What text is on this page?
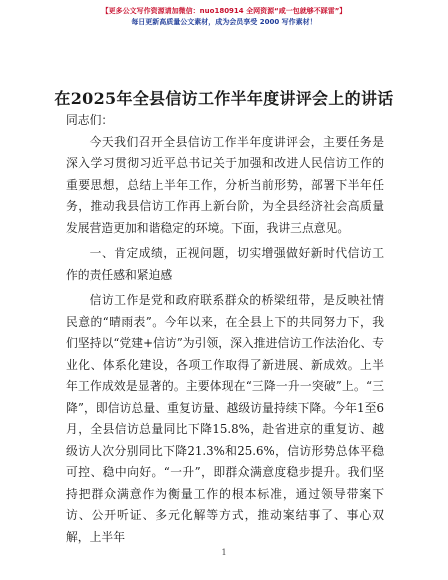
【更多公文写作资源请加微信：nuo180914 全网资源“咸一包就够不踩雷”】
每日更新高质量公文素材，成为会员享受 2000 写作素材！
在2025年全县信访工作半年度讲评会上的讲话

同志们：

今天我们召开全县信访工作半年度讲评会，主要任务是深入学习贯彻习近平总书记关于加强和改进人民信访工作的重要思想，总结上半年工作，分析当前形势，部署下半年任务，推动我县信访工作再上新台阶，为全县经济社会高质量发展营造更加和谐稳定的环境。下面，我讲三点意见。

一、肯定成绩，正视问题，切实增强做好新时代信访工作的责任感和紧迫感

信访工作是党和政府联系群众的桥梁纽带，是反映社情民意的“晴雨表”。今年以来，在全县上下的共同努力下，我们坚持以“党建+信访”为引领，深入推进信访工作法治化、专业化、体系化建设，各项工作取得了新进展、新成效。上半年工作成效是显著的。主要体现在“三降一升一突破”上。“三降”，即信访总量、重复访量、越级访量持续下降。今年1至6月，全县信访总量同比下降15.8%，赴省进京的重复访、越级访人次分别同比下降21.3%和25.6%，信访形势总体平稳可控、稳中向好。“一升”，即群众满意度稳步提升。我们坚持把群众满意作为衡量工作的根本标准，通过领导带案下访、公开听证、多元化解等方式，推动案结事了、事心双解，上半年

1
